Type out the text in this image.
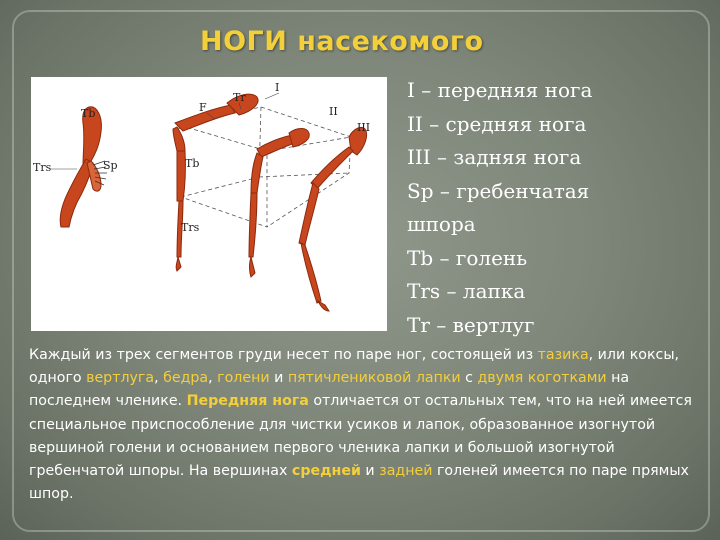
НОГИ насекомого
Tb
Trs	Sp
F
Tr
I
II
III
Tb
Trs
I – передняя нога
II – средняя нога
III – задняя нога
Sp – гребенчатая
шпора
Tb – голень
Trs – лапка
Tr – вертлуг

Каждый из трех сегментов груди несет по паре ног, состоящей из тазика, или коксы, одного вертлуга, бедра, голени и пятичлениковой лапки с двумя коготками на последнем членике. Передняя нога отличается от остальных тем, что на ней имеется специальное приспособление для чистки усиков и лапок, образованное изогнутой вершиной голени и основанием первого членика лапки и большой изогнутой гребенчатой шпоры. На вершинах средней и задней голеней имеется по паре прямых шпор.
